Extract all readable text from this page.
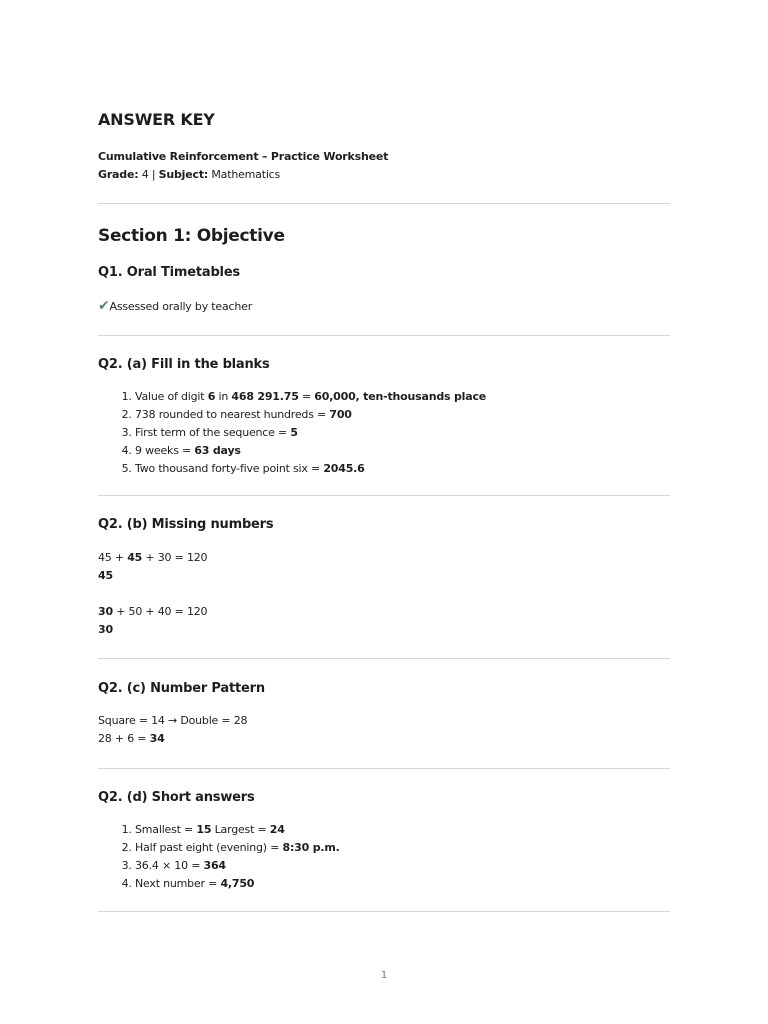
ANSWER KEY

Cumulative Reinforcement – Practice Worksheet

Grade: 4 | Subject: Mathematics

Section 1: Objective
Q1. Oral Timetables

✔Assessed orally by teacher

Q2. (a) Fill in the blanks
1. Value of digit 6 in 468 291.75 = 60,000, ten-thousands place
2. 738 rounded to nearest hundreds = 700
3. First term of the sequence = 5
4. 9 weeks = 63 days
5. Two thousand forty-five point six = 2045.6
Q2. (b) Missing numbers

45 + 45 + 30 = 120

45

30 + 50 + 40 = 120

30

Q2. (c) Number Pattern

Square = 14 → Double = 28

28 + 6 = 34

Q2. (d) Short answers
1. Smallest = 15 Largest = 24
2. Half past eight (evening) = 8:30 p.m.
3. 36.4 × 10 = 364
4. Next number = 4,750
1
